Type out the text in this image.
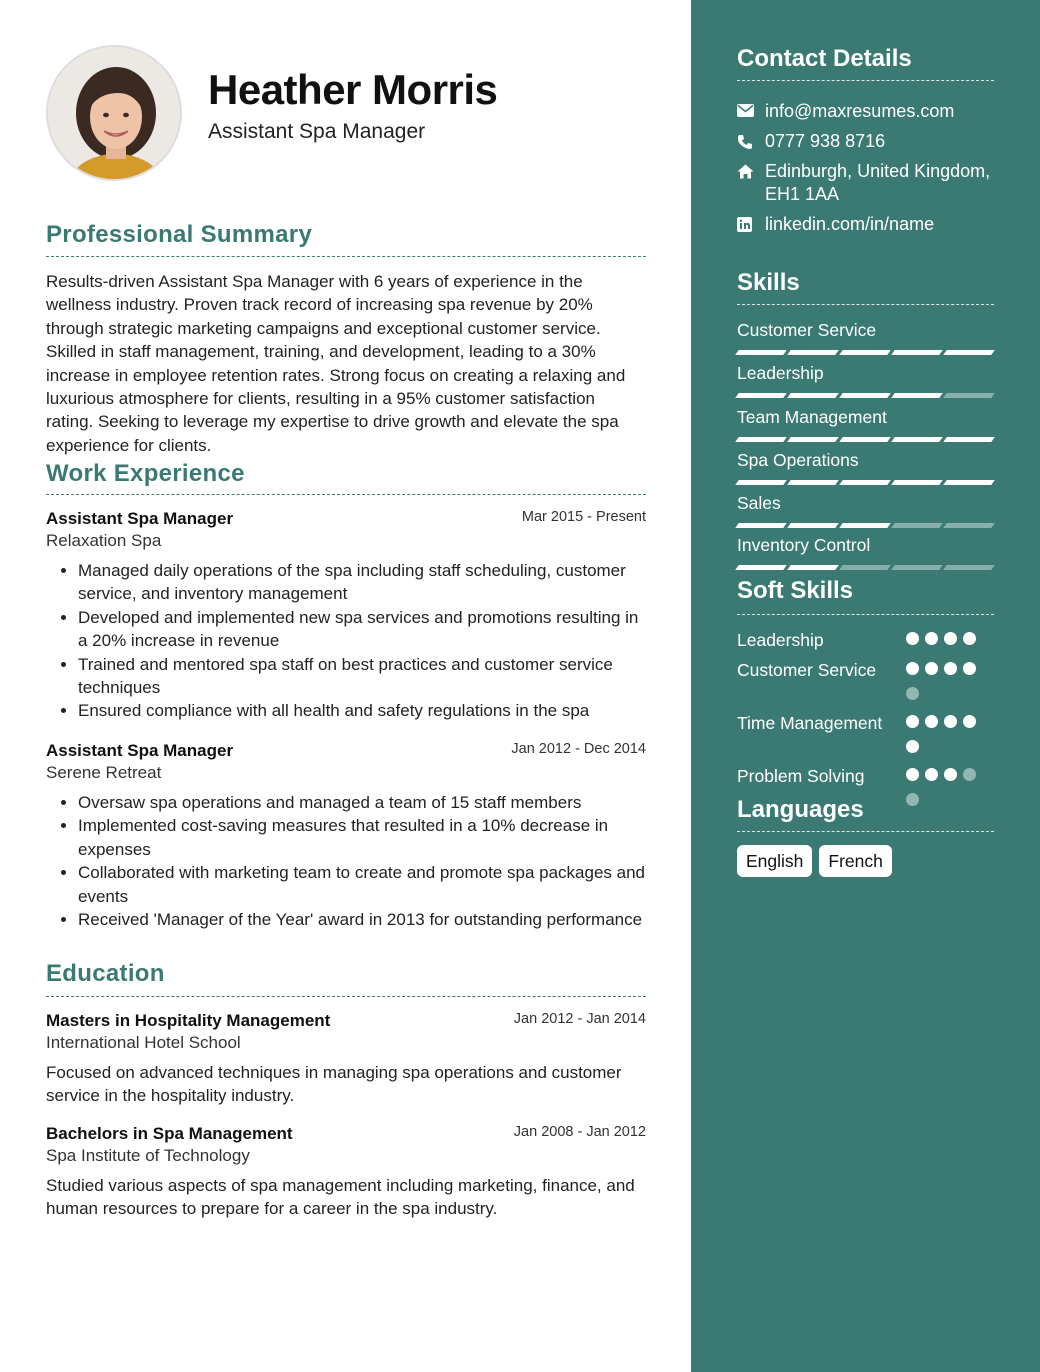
Heather Morris
Assistant Spa Manager
Professional Summary
Results-driven Assistant Spa Manager with 6 years of experience in the wellness industry. Proven track record of increasing spa revenue by 20% through strategic marketing campaigns and exceptional customer service. Skilled in staff management, training, and development, leading to a 30% increase in employee retention rates. Strong focus on creating a relaxing and luxurious atmosphere for clients, resulting in a 95% customer satisfaction rating. Seeking to leverage my expertise to drive growth and elevate the spa experience for clients.
Work Experience
Assistant Spa Manager	Mar 2015 - Present
Relaxation Spa
• Managed daily operations of the spa including staff scheduling, customer service, and inventory management
• Developed and implemented new spa services and promotions resulting in a 20% increase in revenue
• Trained and mentored spa staff on best practices and customer service techniques
• Ensured compliance with all health and safety regulations in the spa
Assistant Spa Manager	Jan 2012 - Dec 2014
Serene Retreat
• Oversaw spa operations and managed a team of 15 staff members
• Implemented cost-saving measures that resulted in a 10% decrease in expenses
• Collaborated with marketing team to create and promote spa packages and events
• Received 'Manager of the Year' award in 2013 for outstanding performance
Education
Masters in Hospitality Management	Jan 2012 - Jan 2014
International Hotel School
Focused on advanced techniques in managing spa operations and customer service in the hospitality industry.
Bachelors in Spa Management	Jan 2008 - Jan 2012
Spa Institute of Technology
Studied various aspects of spa management including marketing, finance, and human resources to prepare for a career in the spa industry.
Contact Details
info@maxresumes.com
0777 938 8716
Edinburgh, United Kingdom, EH1 1AA
linkedin.com/in/name
Skills
Customer Service
Leadership
Team Management
Spa Operations
Sales
Inventory Control
Soft Skills
Leadership
Customer Service
Time Management
Problem Solving
Languages
English	French
